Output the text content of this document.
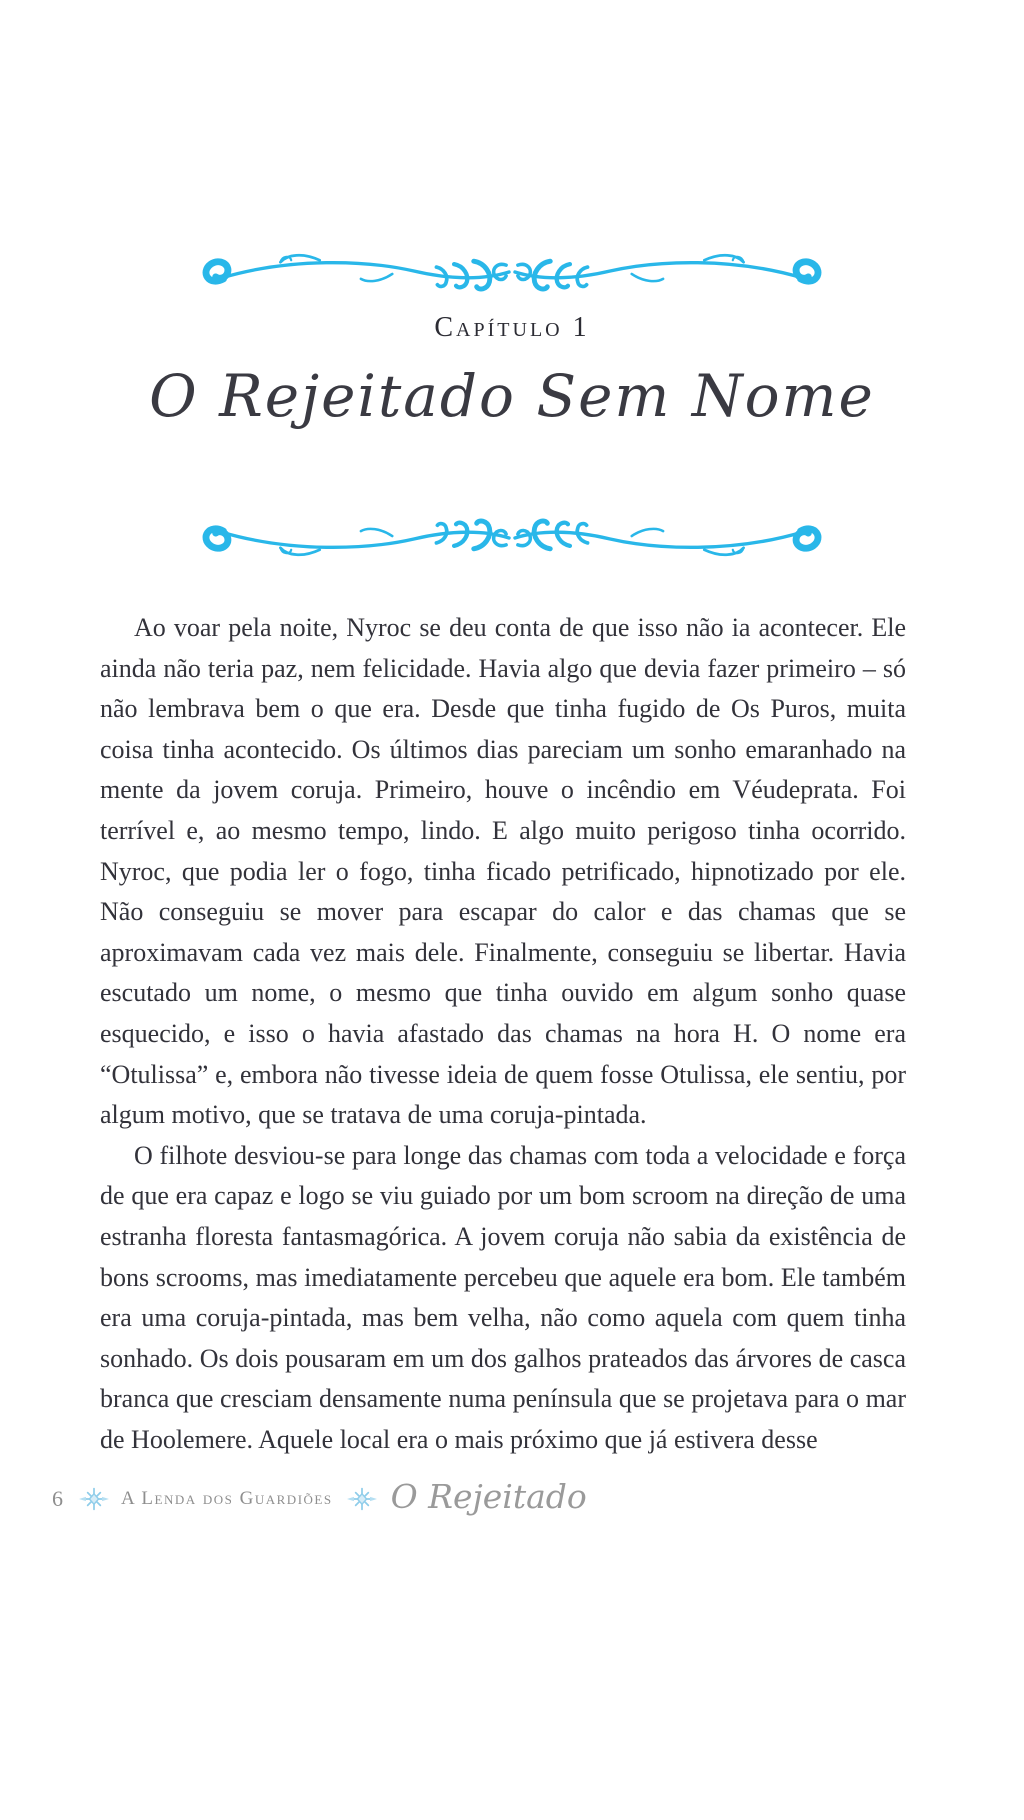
Capítulo 1
O Rejeitado Sem Nome

Ao voar pela noite, Nyroc se deu conta de que isso não ia acontecer. Ele ainda não teria paz, nem felicidade. Havia algo que devia fazer primeiro – só não lembrava bem o que era. Desde que tinha fugido de Os Puros, muita coisa tinha acontecido. Os últimos dias pareciam um sonho emaranhado na mente da jovem coruja. Primeiro, houve o incêndio em Véudeprata. Foi terrível e, ao mesmo tempo, lindo. E algo muito perigoso tinha ocorrido. Nyroc, que podia ler o fogo, tinha ficado petrificado, hipnotizado por ele. Não conseguiu se mover para escapar do calor e das chamas que se aproximavam cada vez mais dele. Finalmente, conseguiu se libertar. Havia escutado um nome, o mesmo que tinha ouvido em algum sonho quase esquecido, e isso o havia afastado das chamas na hora H. O nome era “Otulissa” e, embora não tivesse ideia de quem fosse Otulissa, ele sentiu, por algum motivo, que se tratava de uma coruja-pintada.

O filhote desviou-se para longe das chamas com toda a velocidade e força de que era capaz e logo se viu guiado por um bom scroom na direção de uma estranha floresta fantasmagórica. A jovem coruja não sabia da existência de bons scrooms, mas imediatamente percebeu que aquele era bom. Ele também era uma coruja-pintada, mas bem velha, não como aquela com quem tinha sonhado. Os dois pousaram em um dos galhos prateados das árvores de casca branca que cresciam densamente numa península que se projetava para o mar de Hoolemere. Aquele local era o mais próximo que já estivera desse

6	A Lenda dos Guardiões O Rejeitado
